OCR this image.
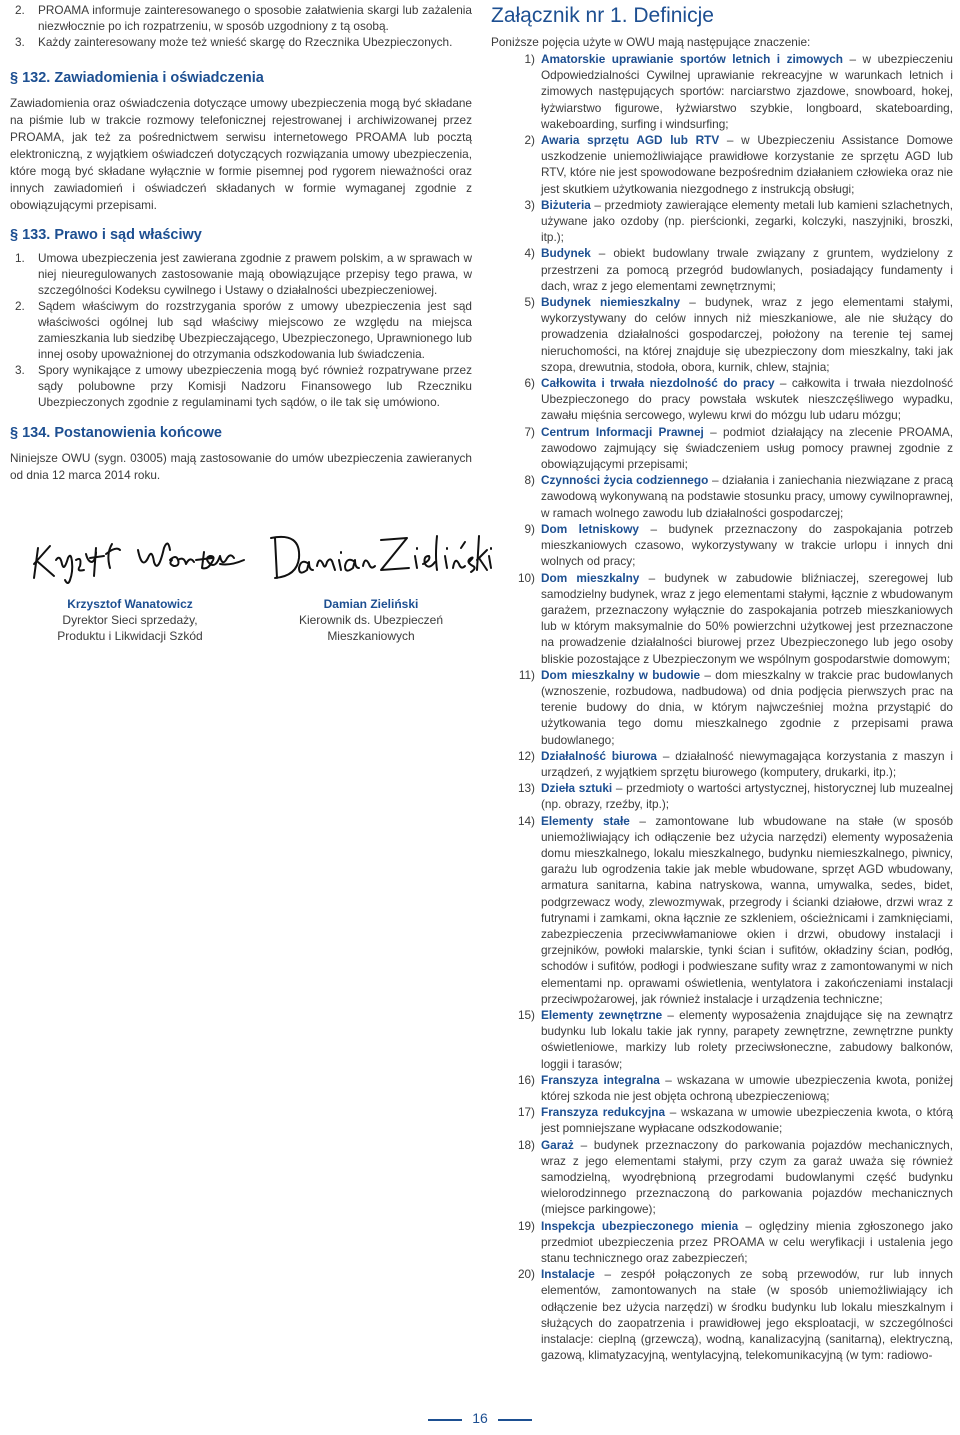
2. PROAMA informuje zainteresowanego o sposobie załatwienia skargi lub zażalenia niezwłocznie po ich rozpatrzeniu, w sposób uzgodniony z tą osobą.
3. Każdy zainteresowany może też wnieść skargę do Rzecznika Ubezpieczonych.
§ 132. Zawiadomienia i oświadczenia

Zawiadomienia oraz oświadczenia dotyczące umowy ubezpieczenia mogą być składane na piśmie lub w trakcie rozmowy telefonicznej rejestrowanej i archiwizowanej przez PROAMA, jak też za pośrednictwem serwisu internetowego PROAMA lub pocztą elektroniczną, z wyjątkiem oświadczeń dotyczących rozwiązania umowy ubezpieczenia, które mogą być składane wyłącznie w formie pisemnej pod rygorem nieważności oraz innych zawiadomień i oświadczeń składanych w formie wymaganej zgodnie z obowiązującymi przepisami.

§ 133. Prawo i sąd właściwy
1. Umowa ubezpieczenia jest zawierana zgodnie z prawem polskim, a w sprawach w niej nieuregulowanych zastosowanie mają obowiązujące przepisy tego prawa, w szczególności Kodeksu cywilnego i Ustawy o działalności ubezpieczeniowej.
2. Sądem właściwym do rozstrzygania sporów z umowy ubezpieczenia jest sąd właściwości ogólnej lub sąd właściwy miejscowo ze względu na miejsca zamieszkania lub siedzibę Ubezpieczającego, Ubezpieczonego, Uprawnionego lub innej osoby upoważnionej do otrzymania odszkodowania lub świadczenia.
3. Spory wynikające z umowy ubezpieczenia mogą być również rozpatrywane przez sądy polubowne przy Komisji Nadzoru Finansowego lub Rzeczniku Ubezpieczonych zgodnie z regulaminami tych sądów, o ile tak się umówiono.
§ 134. Postanowienia końcowe

Niniejsze OWU (sygn. 03005) mają zastosowanie do umów ubezpieczenia zawieranych od dnia 12 marca 2014 roku.

Krzysztof Wanatowicz
Dyrektor Sieci sprzedaży,
Produktu i Likwidacji Szkód
Damian Zieliński
Kierownik ds. Ubezpieczeń
Mieszkaniowych
Załącznik nr 1. Definicje

Poniższe pojęcia użyte w OWU mają następujące znaczenie:

1) Amatorskie uprawianie sportów letnich i zimowych – w ubezpieczeniu Odpowiedzialności Cywilnej uprawianie rekreacyjne w warunkach letnich i zimowych następujących sportów: narciarstwo zjazdowe, snowboard, hokej, łyżwiarstwo figurowe, łyżwiarstwo szybkie, longboard, skateboarding, wakeboarding, surfing i windsurfing;
2) Awaria sprzętu AGD lub RTV – w Ubezpieczeniu Assistance Domowe uszkodzenie uniemożliwiające prawidłowe korzystanie ze sprzętu AGD lub RTV, które nie jest spowodowane bezpośrednim działaniem człowieka oraz nie jest skutkiem użytkowania niezgodnego z instrukcją obsługi;
3) Biżuteria – przedmioty zawierające elementy metali lub kamieni szlachetnych, używane jako ozdoby (np. pierścionki, zegarki, kolczyki, naszyjniki, broszki, itp.);
4) Budynek – obiekt budowlany trwale związany z gruntem, wydzielony z przestrzeni za pomocą przegród budowlanych, posiadający fundamenty i dach, wraz z jego elementami zewnętrznymi;
5) Budynek niemieszkalny – budynek, wraz z jego elementami stałymi, wykorzystywany do celów innych niż mieszkaniowe, ale nie służący do prowadzenia działalności gospodarczej, położony na terenie tej samej nieruchomości, na której znajduje się ubezpieczony dom mieszkalny, taki jak szopa, drewutnia, stodoła, obora, kurnik, chlew, stajnia;
6) Całkowita i trwała niezdolność do pracy – całkowita i trwała niezdolność Ubezpieczonego do pracy powstała wskutek nieszczęśliwego wypadku, zawału mięśnia sercowego, wylewu krwi do mózgu lub udaru mózgu;
7) Centrum Informacji Prawnej – podmiot działający na zlecenie PROAMA, zawodowo zajmujący się świadczeniem usług pomocy prawnej zgodnie z obowiązującymi przepisami;
8) Czynności życia codziennego – działania i zaniechania niezwiązane z pracą zawodową wykonywaną na podstawie stosunku pracy, umowy cywilnoprawnej, w ramach wolnego zawodu lub działalności gospodarczej;
9) Dom letniskowy – budynek przeznaczony do zaspokajania potrzeb mieszkaniowych czasowo, wykorzystywany w trakcie urlopu i innych dni wolnych od pracy;
10) Dom mieszkalny – budynek w zabudowie bliźniaczej, szeregowej lub samodzielny budynek, wraz z jego elementami stałymi, łącznie z wbudowanym garażem, przeznaczony wyłącznie do zaspokajania potrzeb mieszkaniowych lub w którym maksymalnie do 50% powierzchni użytkowej jest przeznaczone na prowadzenie działalności biurowej przez Ubezpieczonego lub jego osoby bliskie pozostające z Ubezpieczonym we wspólnym gospodarstwie domowym;
11) Dom mieszkalny w budowie – dom mieszkalny w trakcie prac budowlanych (wznoszenie, rozbudowa, nadbudowa) od dnia podjęcia pierwszych prac na terenie budowy do dnia, w którym najwcześniej można przystąpić do użytkowania tego domu mieszkalnego zgodnie z przepisami prawa budowlanego;
12) Działalność biurowa – działalność niewymagająca korzystania z maszyn i urządzeń, z wyjątkiem sprzętu biurowego (komputery, drukarki, itp.);
13) Dzieła sztuki – przedmioty o wartości artystycznej, historycznej lub muzealnej (np. obrazy, rzeźby, itp.);
14) Elementy stałe – zamontowane lub wbudowane na stałe (w sposób uniemożliwiający ich odłączenie bez użycia narzędzi) elementy wyposażenia domu mieszkalnego, lokalu mieszkalnego, budynku niemieszkalnego, piwnicy, garażu lub ogrodzenia takie jak meble wbudowane, sprzęt AGD wbudowany, armatura sanitarna, kabina natryskowa, wanna, umywalka, sedes, bidet, podgrzewacz wody, zlewozmywak, przegrody i ścianki działowe, drzwi wraz z futrynami i zamkami, okna łącznie ze szkleniem, ościeżnicami i zamknięciami, zabezpieczenia przeciwwłamaniowe okien i drzwi, obudowy instalacji i grzejników, powłoki malarskie, tynki ścian i sufitów, okładziny ścian, podłóg, schodów i sufitów, podłogi i podwieszane sufity wraz z zamontowanymi w nich elementami np. oprawami oświetlenia, wentylatora i zakończeniami instalacji przeciwpożarowej, jak również instalacje i urządzenia techniczne;
15) Elementy zewnętrzne – elementy wyposażenia znajdujące się na zewnątrz budynku lub lokalu takie jak rynny, parapety zewnętrzne, zewnętrzne punkty oświetleniowe, markizy lub rolety przeciwsłoneczne, zabudowy balkonów, loggii i tarasów;
16) Franszyza integralna – wskazana w umowie ubezpieczenia kwota, poniżej której szkoda nie jest objęta ochroną ubezpieczeniową;
17) Franszyza redukcyjna – wskazana w umowie ubezpieczenia kwota, o którą jest pomniejszane wypłacane odszkodowanie;
18) Garaż – budynek przeznaczony do parkowania pojazdów mechanicznych, wraz z jego elementami stałymi, przy czym za garaż uważa się również samodzielną, wyodrębnioną przegrodami budowlanymi część budynku wielorodzinnego przeznaczoną do parkowania pojazdów mechanicznych (miejsce parkingowe);
19) Inspekcja ubezpieczonego mienia – oględziny mienia zgłoszonego jako przedmiot ubezpieczenia przez PROAMA w celu weryfikacji i ustalenia jego stanu technicznego oraz zabezpieczeń;
20) Instalacje – zespół połączonych ze sobą przewodów, rur lub innych elementów, zamontowanych na stałe (w sposób uniemożliwiający ich odłączenie bez użycia narzędzi) w środku budynku lub lokalu mieszkalnym i służących do zaopatrzenia i prawidłowej jego eksploatacji, w szczególności instalacje: cieplną (grzewczą), wodną, kanalizacyjną (sanitarną), elektryczną, gazową, klimatyzacyjną, wentylacyjną, telekomunikacyjną (w tym: radiowo-
16
